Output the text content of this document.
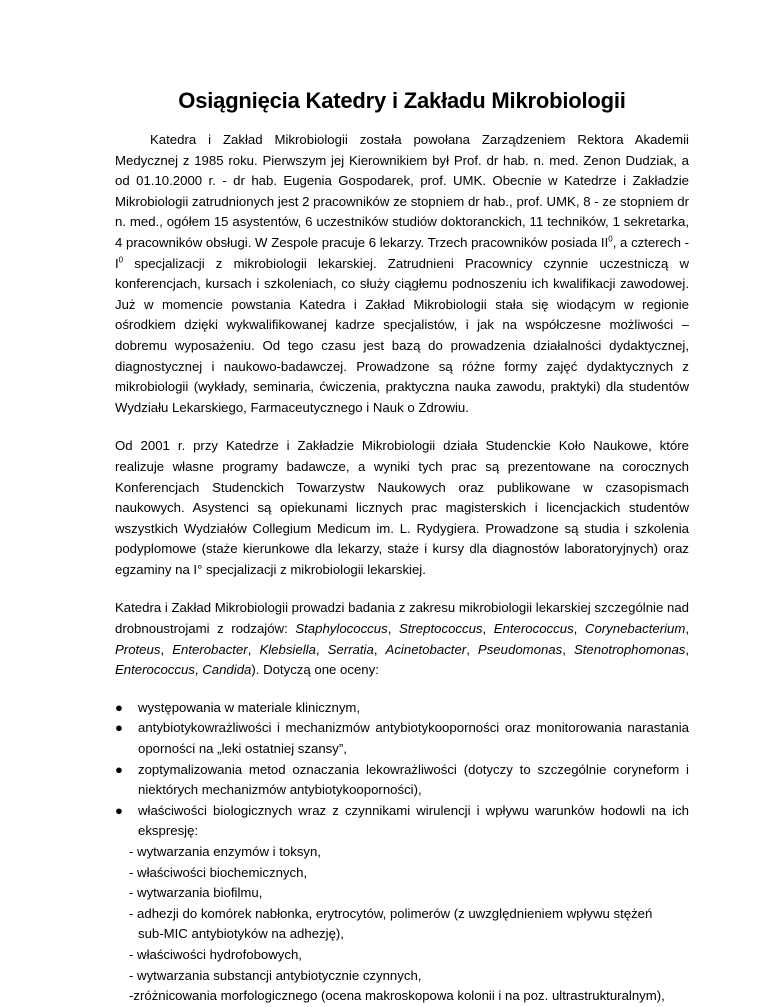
Osiągnięcia Katedry i Zakładu Mikrobiologii

Katedra i Zakład Mikrobiologii została powołana Zarządzeniem Rektora Akademii Medycznej z 1985 roku. Pierwszym jej Kierownikiem był Prof. dr hab. n. med. Zenon Dudziak, a od 01.10.2000 r. - dr hab. Eugenia Gospodarek, prof. UMK. Obecnie w Katedrze i Zakładzie Mikrobiologii zatrudnionych jest 2 pracowników ze stopniem dr hab., prof. UMK, 8 - ze stopniem dr n. med., ogółem 15 asystentów, 6 uczestników studiów doktoranckich, 11 techników, 1 sekretarka, 4 pracowników obsługi. W Zespole pracuje 6 lekarzy. Trzech pracowników posiada $II^0$, a czterech - $I^0$ specjalizacji z mikrobiologii lekarskiej. Zatrudnieni Pracownicy czynnie uczestniczą w konferencjach, kursach i szkoleniach, co służy ciągłemu podnoszeniu ich kwalifikacji zawodowej. Już w momencie powstania Katedra i Zakład Mikrobiologii stała się wiodącym w regionie ośrodkiem dzięki wykwalifikowanej kadrze specjalistów, i jak na współczesne możliwości – dobremu wyposażeniu. Od tego czasu jest bazą do prowadzenia działalności dydaktycznej, diagnostycznej i naukowo-badawczej. Prowadzone są różne formy zajęć dydaktycznych z mikrobiologii (wykłady, seminaria, ćwiczenia, praktyczna nauka zawodu, praktyki) dla studentów Wydziału Lekarskiego, Farmaceutycznego i Nauk o Zdrowiu.

Od 2001 r. przy Katedrze i Zakładzie Mikrobiologii działa Studenckie Koło Naukowe, które realizuje własne programy badawcze, a wyniki tych prac są prezentowane na corocznych Konferencjach Studenckich Towarzystw Naukowych oraz publikowane w czasopismach naukowych. Asystenci są opiekunami licznych prac magisterskich i licencjackich studentów wszystkich Wydziałów Collegium Medicum im. L. Rydygiera. Prowadzone są studia i szkolenia podyplomowe (staże kierunkowe dla lekarzy, staże i kursy dla diagnostów laboratoryjnych) oraz egzaminy na I° specjalizacji z mikrobiologii lekarskiej.

Katedra i Zakład Mikrobiologii prowadzi badania z zakresu mikrobiologii lekarskiej szczególnie nad drobnoustrojami z rodzajów: Staphylococcus, Streptococcus, Enterococcus, Corynebacterium, Proteus, Enterobacter, Klebsiella, Serratia, Acinetobacter, Pseudomonas, Stenotrophomonas, Enterococcus, Candida). Dotyczą one oceny:

● występowania w materiale klinicznym,
● antybiotykowrażliwości i mechanizmów antybiotykooporności oraz monitorowania narastania oporności na „leki ostatniej szansy”,
● zoptymalizowania metod oznaczania lekowrażliwości (dotyczy to szczególnie coryneform i niektórych mechanizmów antybiotykooporności),
● właściwości biologicznych wraz z czynnikami wirulencji i wpływu warunków hodowli na ich ekspresję:
- wytwarzania enzymów i toksyn,
- właściwości biochemicznych,
- wytwarzania biofilmu,
- adhezji do komórek nabłonka, erytrocytów, polimerów (z uwzględnieniem wpływu stężeń
sub-MIC antybiotyków na adhezję),
- właściwości hydrofobowych,
- wytwarzania substancji antybiotycznie czynnych,
-zróżnicowania morfologicznego (ocena makroskopowa kolonii i na poz. ultrastrukturalnym),
